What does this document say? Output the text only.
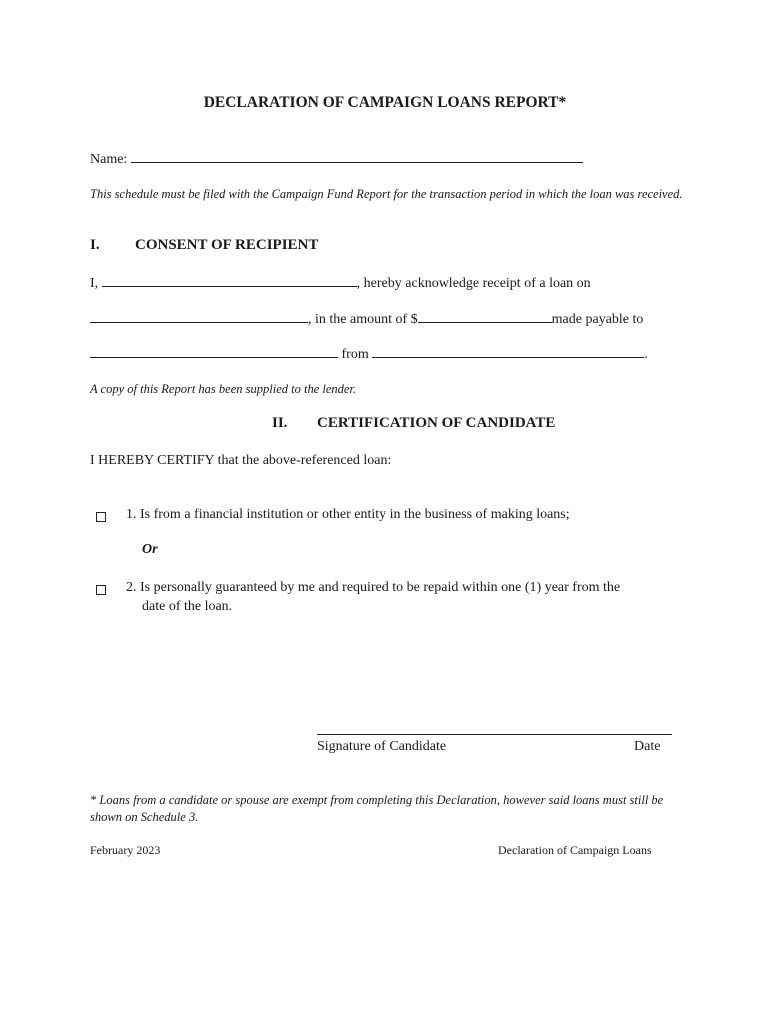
DECLARATION OF CAMPAIGN LOANS REPORT*
Name:
This schedule must be filed with the Campaign Fund Report for the transaction period in which the loan was received.
I. CONSENT OF RECIPIENT
I,	, hereby acknowledge receipt of a loan on
, in the amount of $	made payable to
from	.
A copy of this Report has been supplied to the lender.
II. CERTIFICATION OF CANDIDATE
I HEREBY CERTIFY that the above-referenced loan:
1. Is from a financial institution or other entity in the business of making loans;
Or
2. Is personally guaranteed by me and required to be repaid within one (1) year from the
date of the loan.
Signature of Candidate	Date
* Loans from a candidate or spouse are exempt from completing this Declaration, however said loans must still be shown on Schedule 3.
February 2023	Declaration of Campaign Loans
